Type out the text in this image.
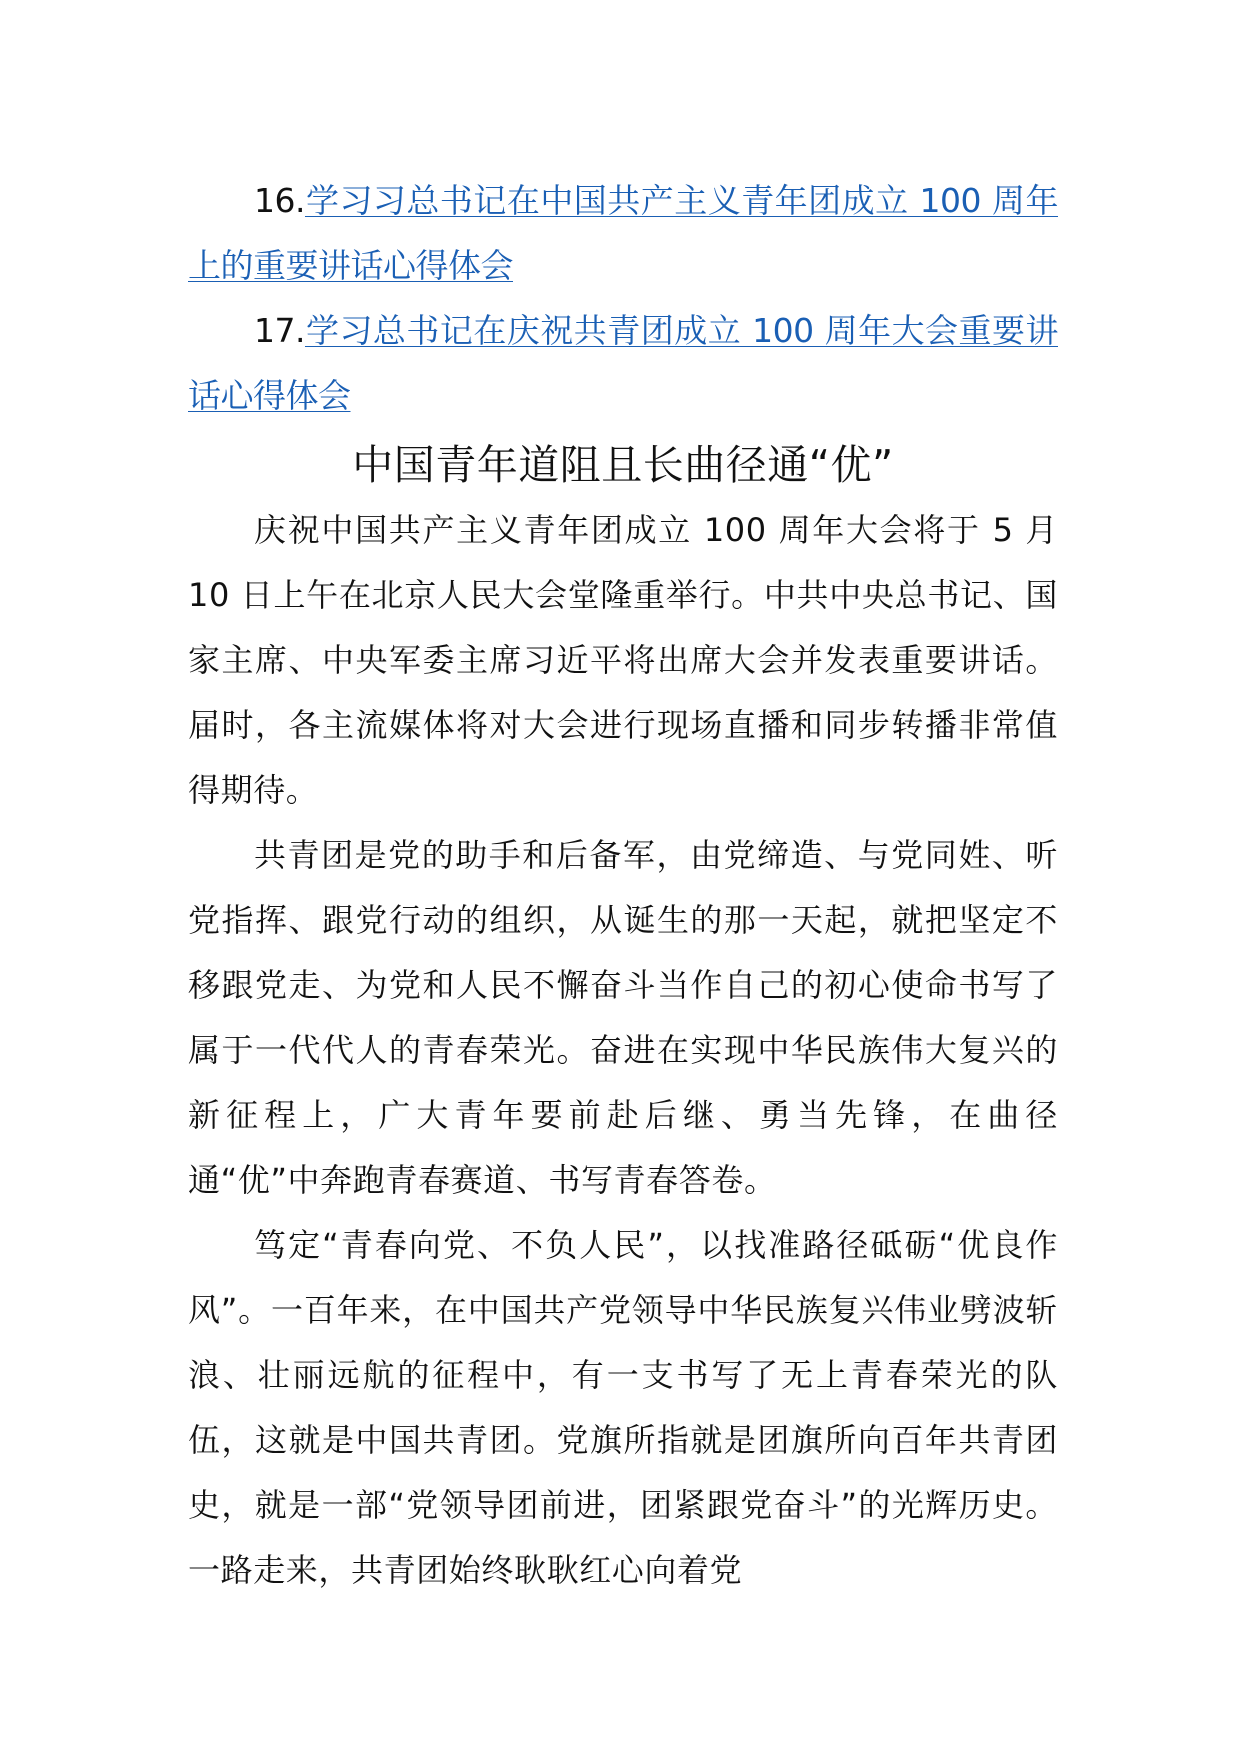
16.学习习总书记在中国共产主义青年团成立 100 周年上的重要讲话心得体会

17.学习总书记在庆祝共青团成立 100 周年大会重要讲话心得体会

中国青年道阻且长曲径通“优”

庆祝中国共产主义青年团成立 100 周年大会将于 5 月 10 日上午在北京人民大会堂隆重举行。中共中央总书记、国家主席、中央军委主席习近平将出席大会并发表重要讲话。届时，各主流媒体将对大会进行现场直播和同步转播非常值得期待。

共青团是党的助手和后备军，由党缔造、与党同姓、听党指挥、跟党行动的组织，从诞生的那一天起，就把坚定不移跟党走、为党和人民不懈奋斗当作自己的初心使命书写了属于一代代人的青春荣光。奋进在实现中华民族伟大复兴的新征程上，广大青年要前赴后继、勇当先锋，在曲径通“优”中奔跑青春赛道、书写青春答卷。

笃定“青春向党、不负人民”，以找准路径砥砺“优良作风”。一百年来，在中国共产党领导中华民族复兴伟业劈波斩浪、壮丽远航的征程中，有一支书写了无上青春荣光的队伍，这就是中国共青团。党旗所指就是团旗所向百年共青团史，就是一部“党领导团前进，团紧跟党奋斗”的光辉历史。一路走来，共青团始终耿耿红心向着党
